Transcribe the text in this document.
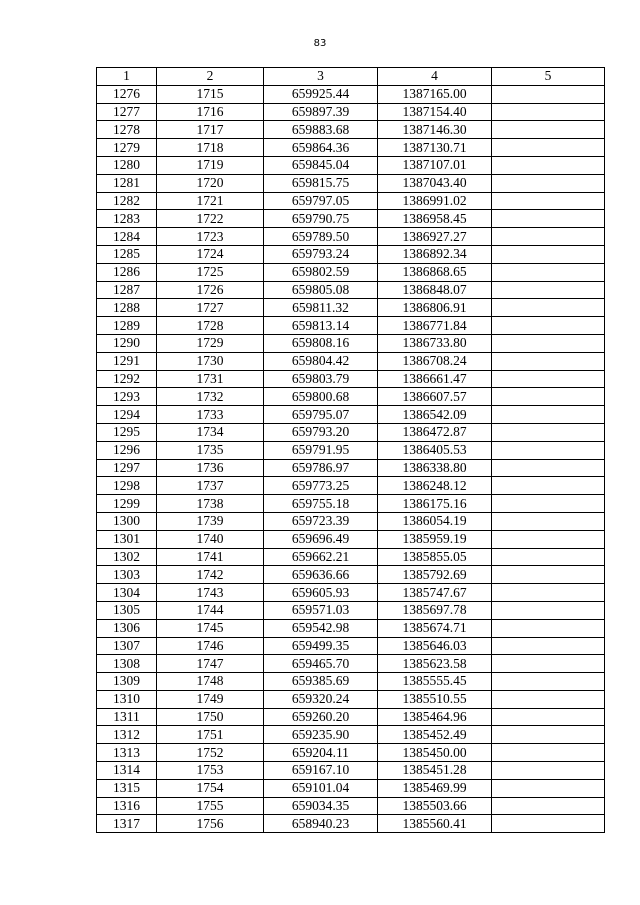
83
1	2	3	4	5
1276	1715	659925.44	1387165.00	
1277	1716	659897.39	1387154.40	
1278	1717	659883.68	1387146.30	
1279	1718	659864.36	1387130.71	
1280	1719	659845.04	1387107.01	
1281	1720	659815.75	1387043.40	
1282	1721	659797.05	1386991.02	
1283	1722	659790.75	1386958.45	
1284	1723	659789.50	1386927.27	
1285	1724	659793.24	1386892.34	
1286	1725	659802.59	1386868.65	
1287	1726	659805.08	1386848.07	
1288	1727	659811.32	1386806.91	
1289	1728	659813.14	1386771.84	
1290	1729	659808.16	1386733.80	
1291	1730	659804.42	1386708.24	
1292	1731	659803.79	1386661.47	
1293	1732	659800.68	1386607.57	
1294	1733	659795.07	1386542.09	
1295	1734	659793.20	1386472.87	
1296	1735	659791.95	1386405.53	
1297	1736	659786.97	1386338.80	
1298	1737	659773.25	1386248.12	
1299	1738	659755.18	1386175.16	
1300	1739	659723.39	1386054.19	
1301	1740	659696.49	1385959.19	
1302	1741	659662.21	1385855.05	
1303	1742	659636.66	1385792.69	
1304	1743	659605.93	1385747.67	
1305	1744	659571.03	1385697.78	
1306	1745	659542.98	1385674.71	
1307	1746	659499.35	1385646.03	
1308	1747	659465.70	1385623.58	
1309	1748	659385.69	1385555.45	
1310	1749	659320.24	1385510.55	
1311	1750	659260.20	1385464.96	
1312	1751	659235.90	1385452.49	
1313	1752	659204.11	1385450.00	
1314	1753	659167.10	1385451.28	
1315	1754	659101.04	1385469.99	
1316	1755	659034.35	1385503.66	
1317	1756	658940.23	1385560.41	
